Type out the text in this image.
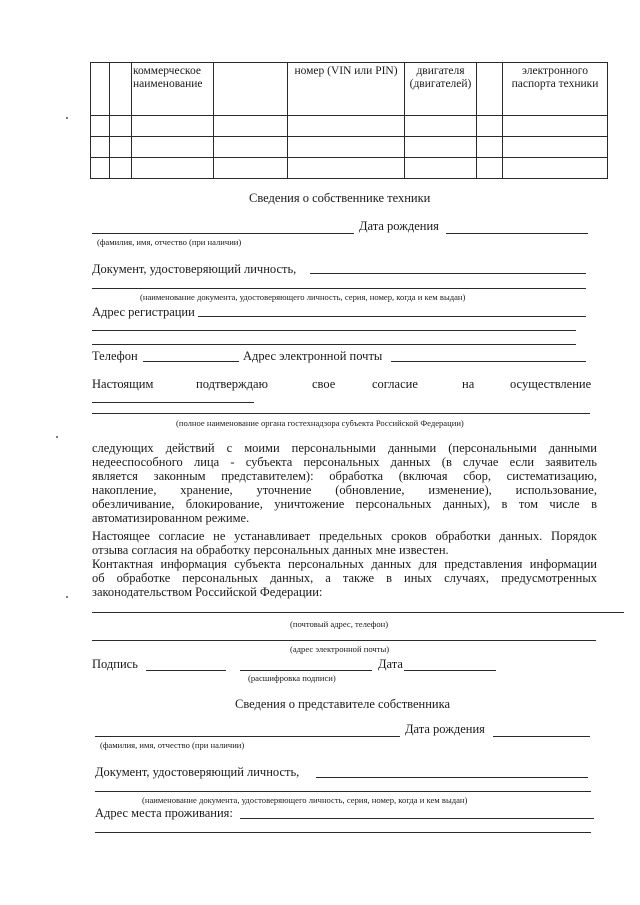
		коммерческое наименование		номер (VIN или PIN)	двигателя (двигателей)		электронного паспорта техники

Сведения о собственнике техники
Дата рождения
(фамилия, имя, отчество (при наличии)
Документ, удостоверяющий личность,
(наименование документа, удостоверяющего личность, серия, номер, когда и кем выдан)
Адрес регистрации
Телефон	Адрес электронной почты
Настоящим	подтверждаю	свое	согласие	на	осуществление
(полное наименование органа гостехнадзора субъекта Российской Федерации)
следующих действий с моими персональными данными (персональными данными
недееспособного лица - субъекта персональных данных (в случае если заявитель
является законным представителем): обработка (включая сбор, систематизацию,
накопление, хранение, уточнение (обновление, изменение), использование,
обезличивание, блокирование, уничтожение персональных данных), в том числе в
автоматизированном режиме.
Настоящее согласие не устанавливает предельных сроков обработки данных. Порядок
отзыва согласия на обработку персональных данных мне известен.
Контактная информация субъекта персональных данных для представления информации
об обработке персональных данных, а также в иных случаях, предусмотренных
законодательством Российской Федерации:
(почтовый адрес, телефон)
(адрес электронной почты)
Подпись	Дата
(расшифровка подписи)
Сведения о представителе собственника
Дата рождения
(фамилия, имя, отчество (при наличии)
Документ, удостоверяющий личность,
(наименование документа, удостоверяющего личность, серия, номер, когда и кем выдан)
Адрес места проживания:
